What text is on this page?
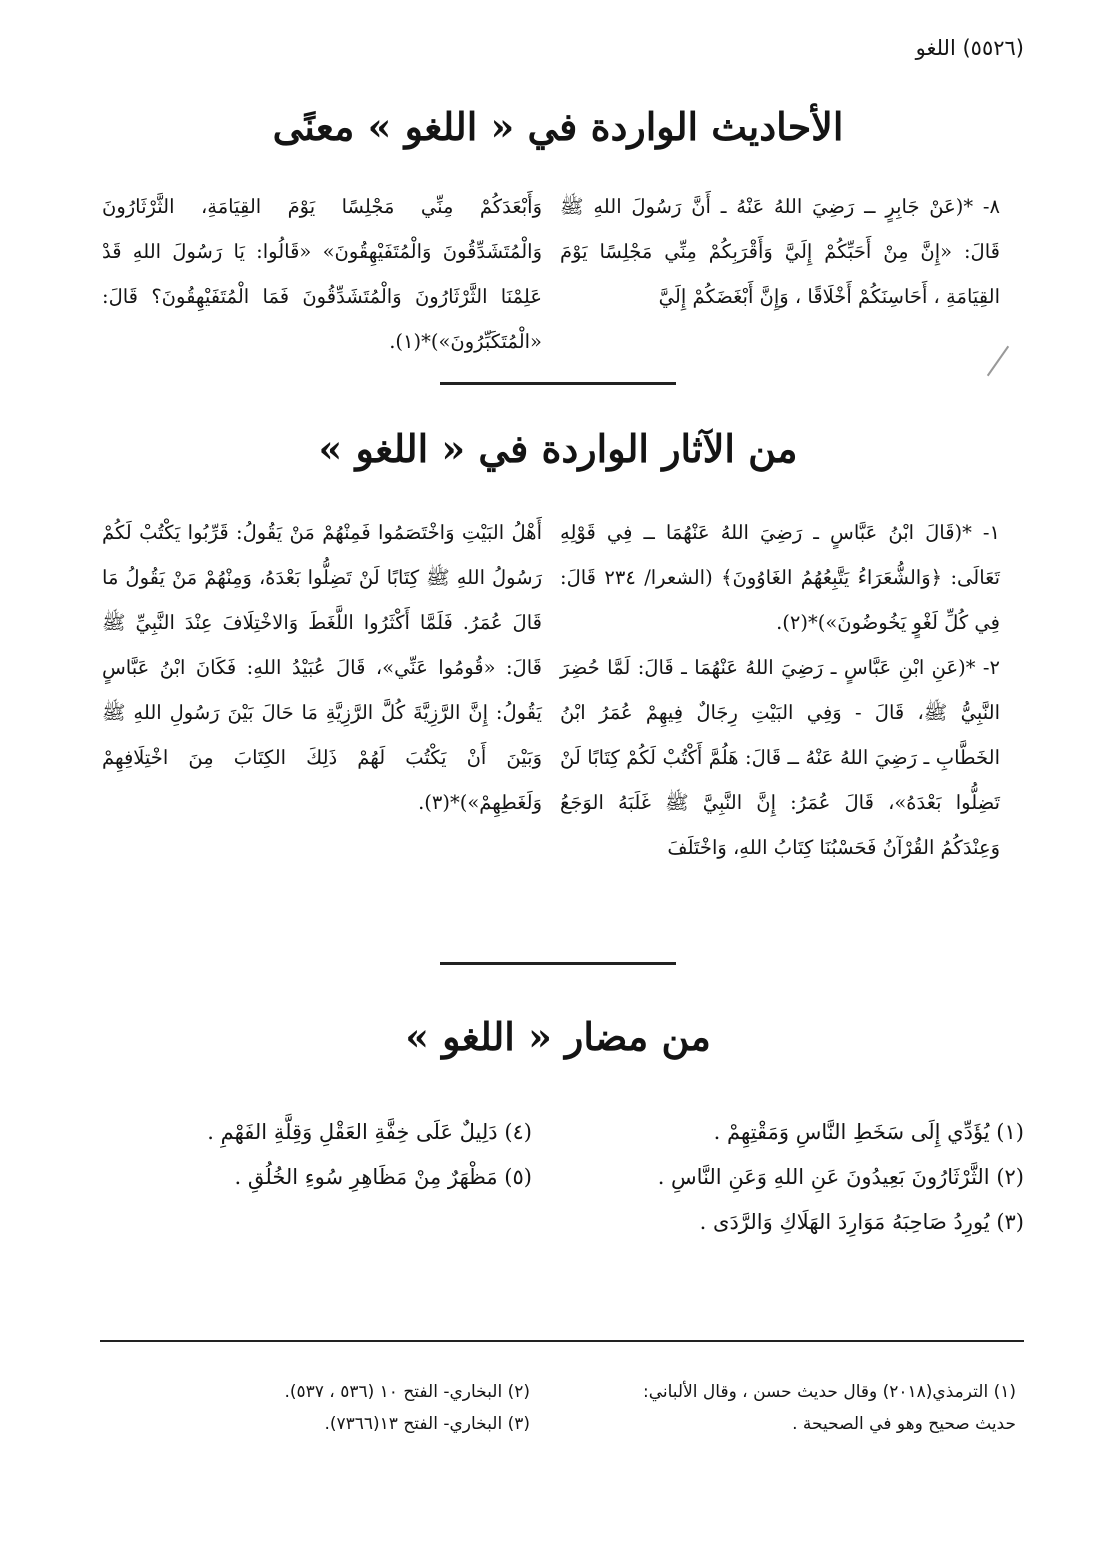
(٥٥٢٦) اللغو
الأحاديث الواردة في « اللغو » معنًى

٨- *(عَنْ جَابِرٍ ــ رَضِيَ اللهُ عَنْهُ ـ أَنَّ رَسُولَ اللهِ ﷺ قَالَ: «إِنَّ مِنْ أَحَبِّكُمْ إِلَيَّ وَأَقْرَبِكُمْ مِنِّي مَجْلِسًا يَوْمَ القِيَامَةِ ، أَحَاسِنَكُمْ أَخْلَاقًا ، وَإِنَّ أَبْغَضَكُمْ إِلَيَّ

وَأَبْعَدَكُمْ مِنِّي مَجْلِسًا يَوْمَ القِيَامَةِ، الثَّرْثَارُونَ وَالْمُتَشَدِّقُونَ وَالْمُتَفَيْهِقُونَ» «قَالُوا: يَا رَسُولَ اللهِ قَدْ عَلِمْنَا الثَّرْثَارُونَ وَالْمُتَشَدِّقُونَ فَمَا الْمُتَفَيْهِقُونَ؟ قَالَ: «الْمُتَكَبِّرُونَ»)*(١).

من الآثار الواردة في « اللغو »

١- *(قَالَ ابْنُ عَبَّاسٍ ـ رَضِيَ اللهُ عَنْهُمَا ــ فِي قَوْلِهِ تَعَالَى: ﴿وَالشُّعَرَاءُ يَتَّبِعُهُمُ الغَاوُونَ﴾ (الشعرا/ ٢٣٤ قَالَ: فِي كُلِّ لَغْوٍ يَخُوضُونَ»)*(٢).

٢- *(عَنِ ابْنِ عَبَّاسٍ ـ رَضِيَ اللهُ عَنْهُمَا ـ قَالَ: لَمَّا حُضِرَ النَّبِيُّ ﷺ، قَالَ - وَفِي البَيْتِ رِجَالٌ فِيهِمْ عُمَرُ ابْنُ الخَطَّابِ ـ رَضِيَ اللهُ عَنْهُ ــ قَالَ: هَلُمَّ أَكْتُبْ لَكُمْ كِتَابًا لَنْ تَضِلُّوا بَعْدَهُ»، قَالَ عُمَرُ: إِنَّ النَّبِيَّ ﷺ غَلَبَهُ الوَجَعُ وَعِنْدَكُمُ القُرْآنُ فَحَسْبُنَا كِتَابُ اللهِ، وَاخْتَلَفَ

أَهْلُ البَيْتِ وَاخْتَصَمُوا فَمِنْهُمْ مَنْ يَقُولُ: قَرِّبُوا يَكْتُبْ لَكُمْ رَسُولُ اللهِ ﷺ كِتَابًا لَنْ تَضِلُّوا بَعْدَهُ، وَمِنْهُمْ مَنْ يَقُولُ مَا قَالَ عُمَرُ. فَلَمَّا أَكْثَرُوا اللَّغَطَ وَالاخْتِلَافَ عِنْدَ النَّبِيِّ ﷺ قَالَ: «قُومُوا عَنِّي»، قَالَ عُبَيْدُ اللهِ: فَكَانَ ابْنُ عَبَّاسٍ يَقُولُ: إِنَّ الرَّزِيَّةَ كُلَّ الرَّزِيَّةِ مَا حَالَ بَيْنَ رَسُولِ اللهِ ﷺ وَبَيْنَ أَنْ يَكْتُبَ لَهُمْ ذَلِكَ الكِتَابَ مِنَ اخْتِلَافِهِمْ وَلَغَطِهِمْ»)*(٣).

من مضار « اللغو »
(١) يُؤَدِّي إِلَى سَخَطِ النَّاسِ وَمَقْتِهِمْ .
(٢) الثَّرْثَارُونَ بَعِيدُونَ عَنِ اللهِ وَعَنِ النَّاسِ .
(٣) يُورِدُ صَاحِبَهُ مَوَارِدَ الهَلَاكِ وَالرَّدَى .
(٤) دَلِيلٌ عَلَى خِفَّةِ العَقْلِ وَقِلَّةِ الفَهْمِ .
(٥) مَظْهَرٌ مِنْ مَظَاهِرِ سُوءِ الخُلُقِ .

(١) الترمذي(٢٠١٨) وقال حديث حسن ، وقال الألباني:

حديث صحيح وهو في الصحيحة .

(٢) البخاري- الفتح ١٠ (٥٣٦ ، ٥٣٧).

(٣) البخاري- الفتح ١٣(٧٣٦٦).
